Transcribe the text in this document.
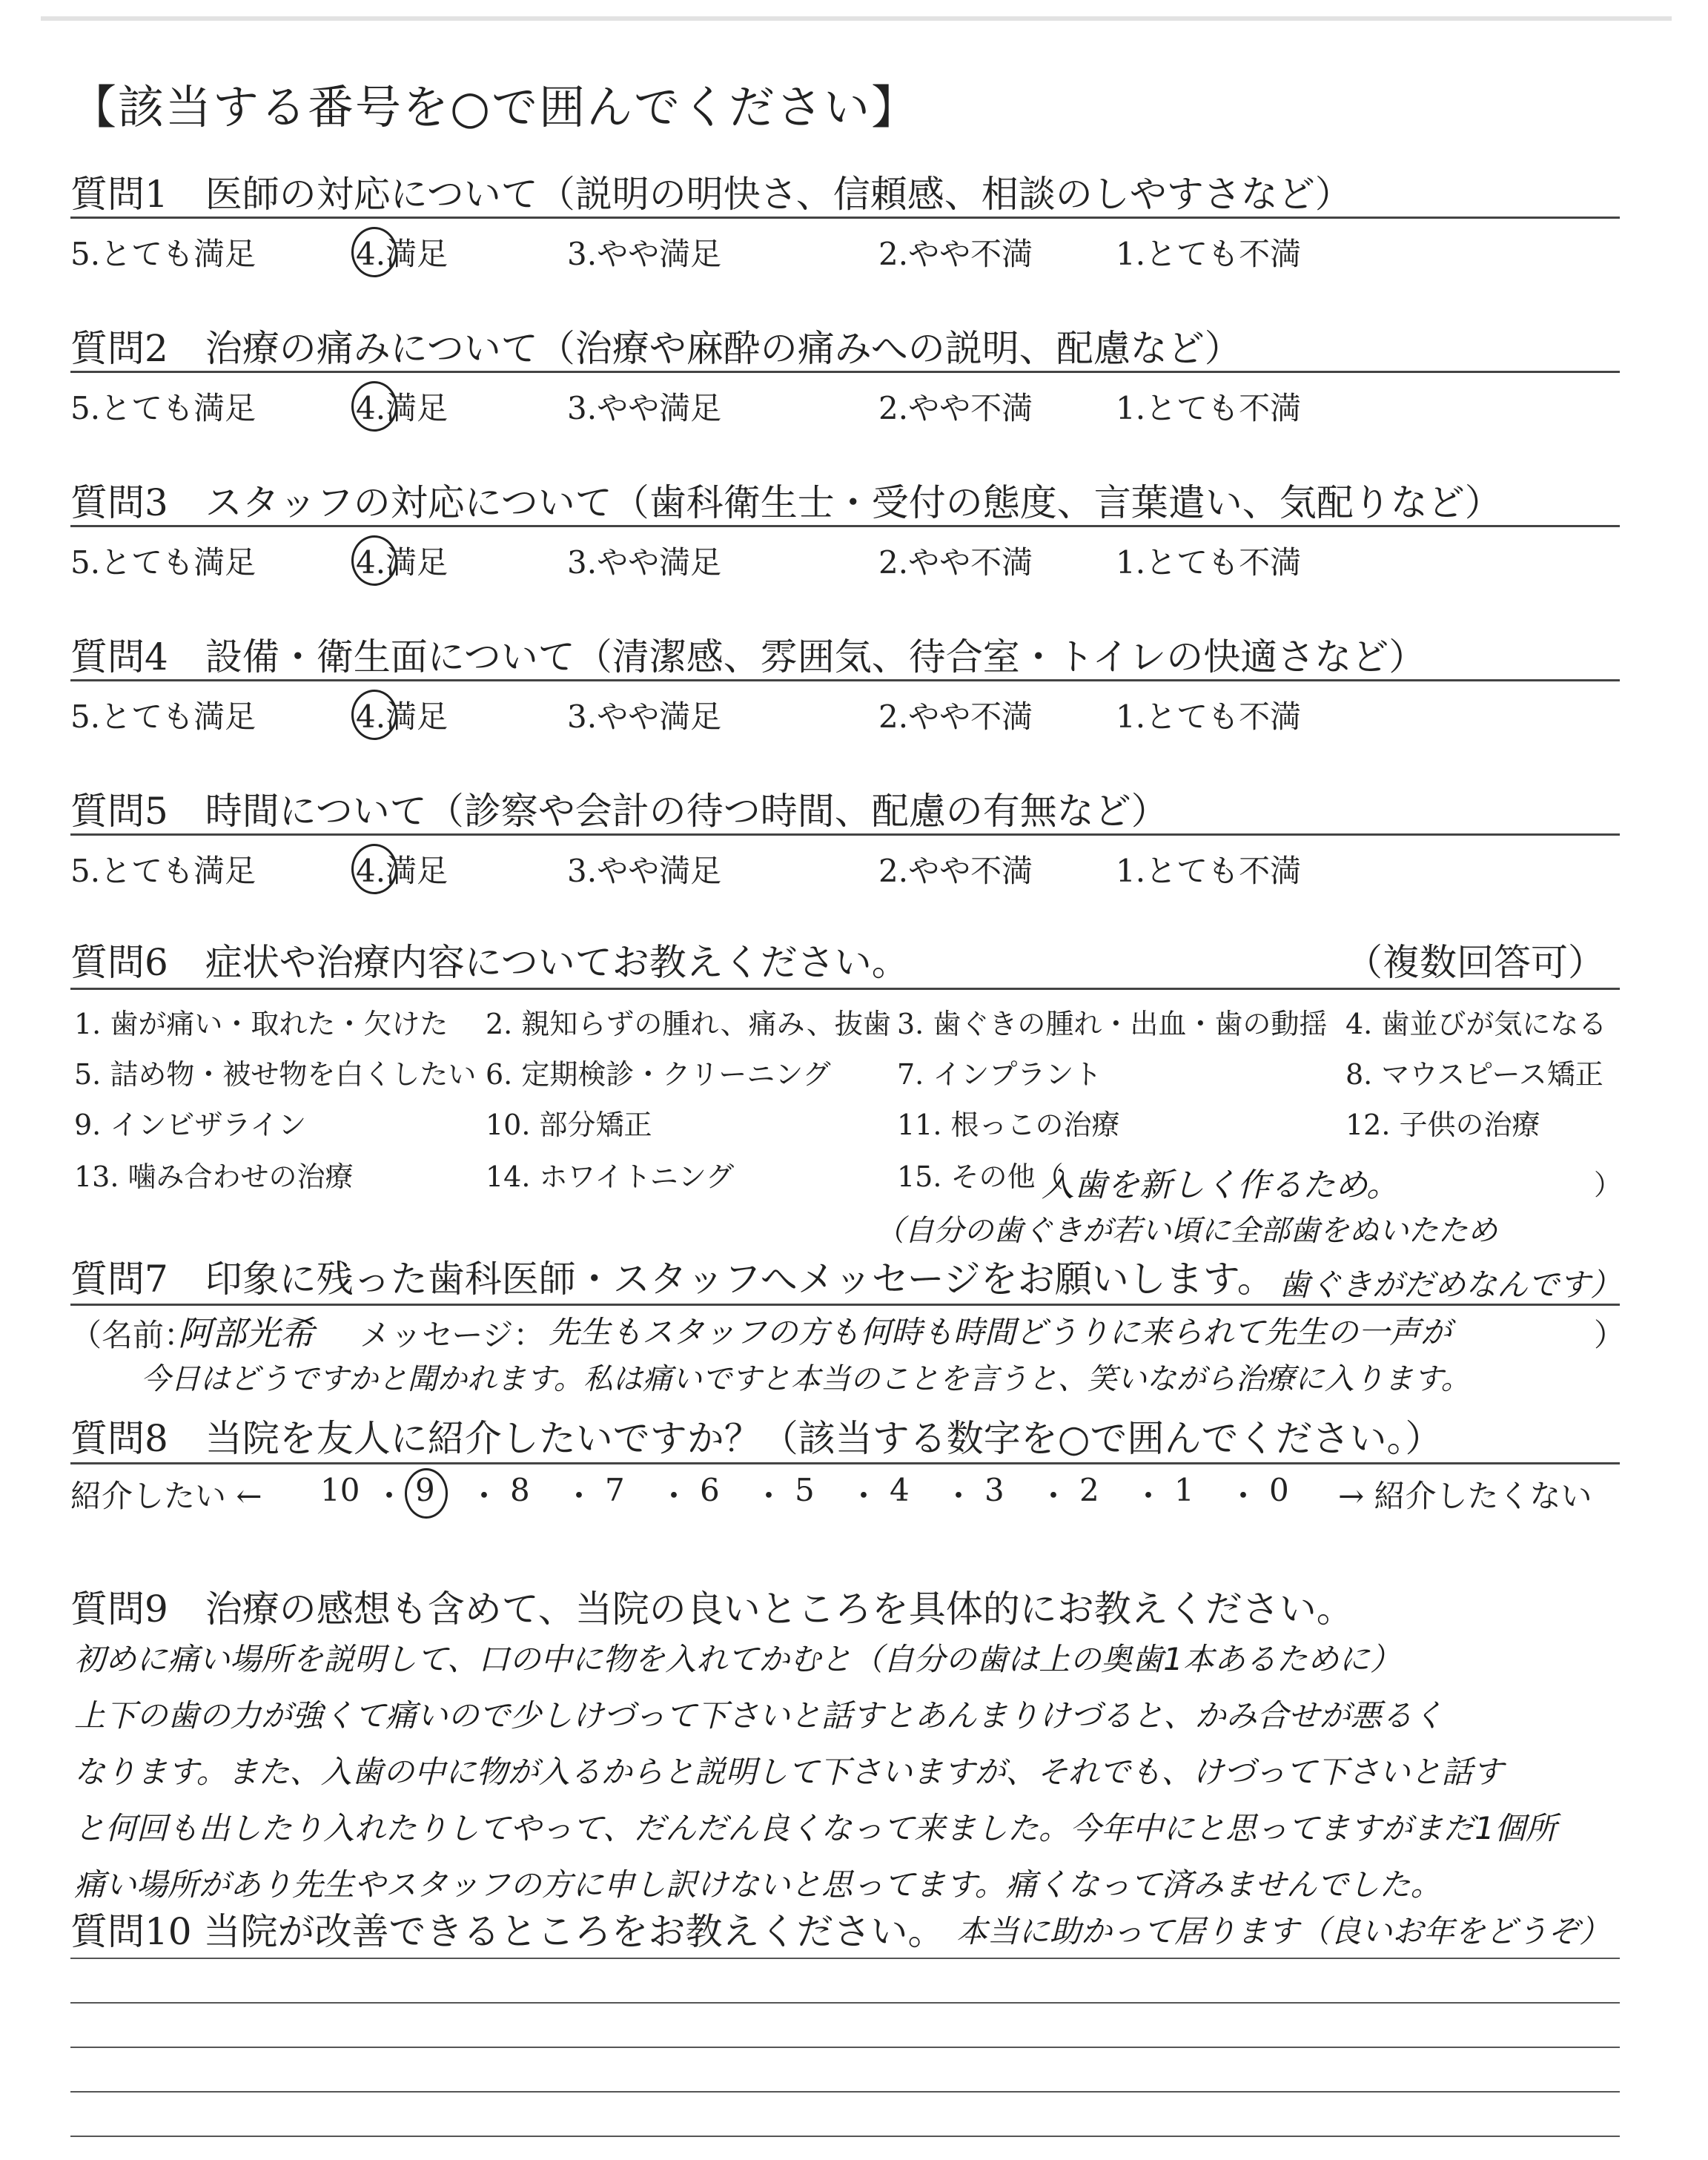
【該当する番号を○で囲んでください】
質問1　医師の対応について（説明の明快さ、信頼感、相談のしやすさなど）
5.とても満足	4.満足	3.やや満足	2.やや不満	1.とても不満
質問2　治療の痛みについて（治療や麻酔の痛みへの説明、配慮など）
5.とても満足	4.満足	3.やや満足	2.やや不満	1.とても不満
質問3　スタッフの対応について（歯科衛生士・受付の態度、言葉遣い、気配りなど）
5.とても満足	4.満足	3.やや満足	2.やや不満	1.とても不満
質問4　設備・衛生面について（清潔感、雰囲気、待合室・トイレの快適さなど）
5.とても満足	4.満足	3.やや満足	2.やや不満	1.とても不満
質問5　時間について（診察や会計の待つ時間、配慮の有無など）
5.とても満足	4.満足	3.やや満足	2.やや不満	1.とても不満
質問6　症状や治療内容についてお教えください。	（複数回答可）
1. 歯が痛い・取れた・欠けた 2. 親知らずの腫れ、痛み、抜歯 3. 歯ぐきの腫れ・出血・歯の動揺 4. 歯並びが気になる
5. 詰め物・被せ物を白くしたい 6. 定期検診・クリーニング 7. インプラント	8. マウスピース矯正
9. インビザライン	10. 部分矯正	11. 根っこの治療	12. 子供の治療
13. 噛み合わせの治療	14. ホワイトニング	15. その他（
入歯を新しく作るため。	）
（自分の歯ぐきが若い頃に全部歯をぬいたため
質問7　印象に残った歯科医師・スタッフへメッセージをお願いします。 歯ぐきがだめなんです）
（名前：
阿部光希 メッセージ： 先生もスタッフの方も何時も時間どうりに来られて先生の一声が	）
今日はどうですかと聞かれます。私は痛いですと本当のことを言うと、笑いながら治療に入ります。
質問8　当院を友人に紹介したいですか？（該当する数字を○で囲んでください。）
紹介したい ← 10 ・ 9 ・ 8 ・ 7 ・ 6 ・ 5 ・ 4 ・ 3 ・ 2 ・ 1 ・ 0 → 紹介したくない
質問9　治療の感想も含めて、当院の良いところを具体的にお教えください。
初めに痛い場所を説明して、口の中に物を入れてかむと（自分の歯は上の奥歯1本あるために）
上下の歯の力が強くて痛いので少しけづって下さいと話すとあんまりけづると、かみ合せが悪るく
なります。また、入歯の中に物が入るからと説明して下さいますが、それでも、けづって下さいと話す
と何回も出したり入れたりしてやって、だんだん良くなって来ました。今年中にと思ってますがまだ1個所
痛い場所があり先生やスタッフの方に申し訳けないと思ってます。痛くなって済みませんでした。
質問10 当院が改善できるところをお教えください。 本当に助かって居ります（良いお年をどうぞ）
